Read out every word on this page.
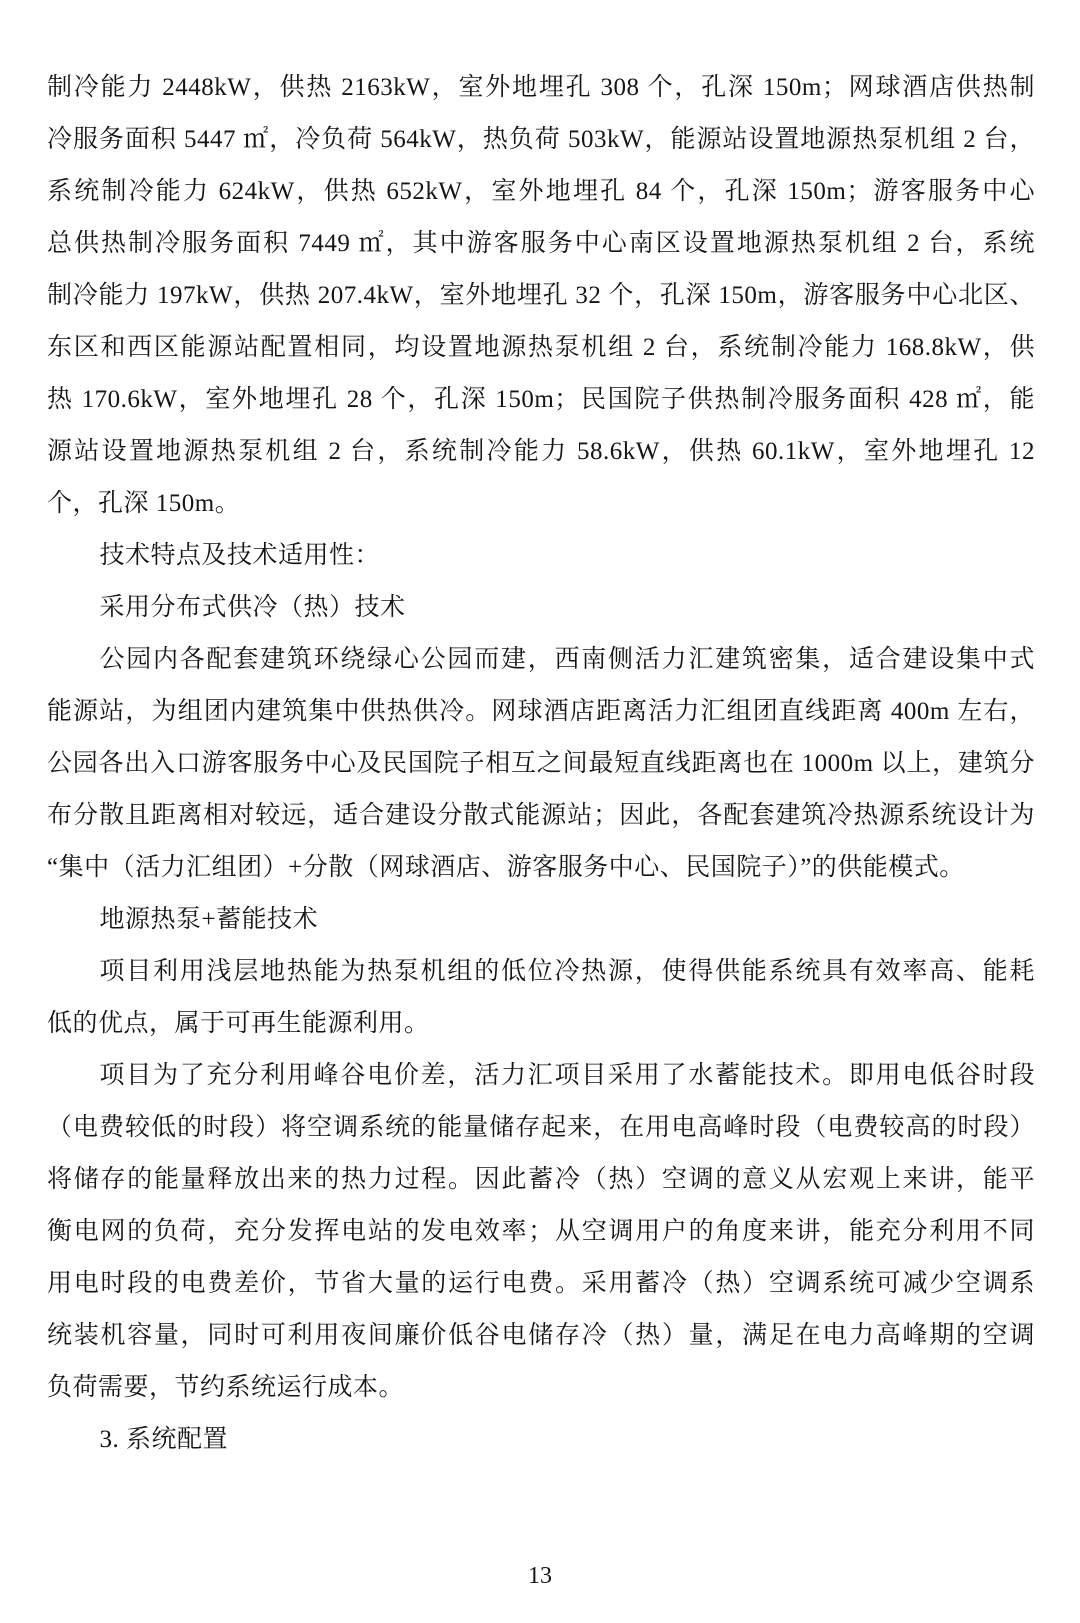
制冷能力 2448kW，供热 2163kW，室外地埋孔 308 个，孔深 150m；网球酒店供热制
冷服务面积 5447 ㎡，冷负荷 564kW，热负荷 503kW，能源站设置地源热泵机组 2 台，
系统制冷能力 624kW，供热 652kW，室外地埋孔 84 个，孔深 150m；游客服务中心
总供热制冷服务面积 7449 ㎡，其中游客服务中心南区设置地源热泵机组 2 台，系统
制冷能力 197kW，供热 207.4kW，室外地埋孔 32 个，孔深 150m，游客服务中心北区、
东区和西区能源站配置相同，均设置地源热泵机组 2 台，系统制冷能力 168.8kW，供
热 170.6kW，室外地埋孔 28 个，孔深 150m；民国院子供热制冷服务面积 428 ㎡，能
源站设置地源热泵机组 2 台，系统制冷能力 58.6kW，供热 60.1kW，室外地埋孔 12
个，孔深 150m。
技术特点及技术适用性：
采用分布式供冷（热）技术
公园内各配套建筑环绕绿心公园而建，西南侧活力汇建筑密集，适合建设集中式
能源站，为组团内建筑集中供热供冷。网球酒店距离活力汇组团直线距离 400m 左右，
公园各出入口游客服务中心及民国院子相互之间最短直线距离也在 1000m 以上，建筑分
布分散且距离相对较远，适合建设分散式能源站；因此，各配套建筑冷热源系统设计为
“集中（活力汇组团）+分散（网球酒店、游客服务中心、民国院子）”的供能模式。
地源热泵+蓄能技术
项目利用浅层地热能为热泵机组的低位冷热源，使得供能系统具有效率高、能耗
低的优点，属于可再生能源利用。
项目为了充分利用峰谷电价差，活力汇项目采用了水蓄能技术。即用电低谷时段
（电费较低的时段）将空调系统的能量储存起来，在用电高峰时段（电费较高的时段）
将储存的能量释放出来的热力过程。因此蓄冷（热）空调的意义从宏观上来讲，能平
衡电网的负荷，充分发挥电站的发电效率；从空调用户的角度来讲，能充分利用不同
用电时段的电费差价，节省大量的运行电费。采用蓄冷（热）空调系统可减少空调系
统装机容量，同时可利用夜间廉价低谷电储存冷（热）量，满足在电力高峰期的空调
负荷需要，节约系统运行成本。
3. 系统配置
13
